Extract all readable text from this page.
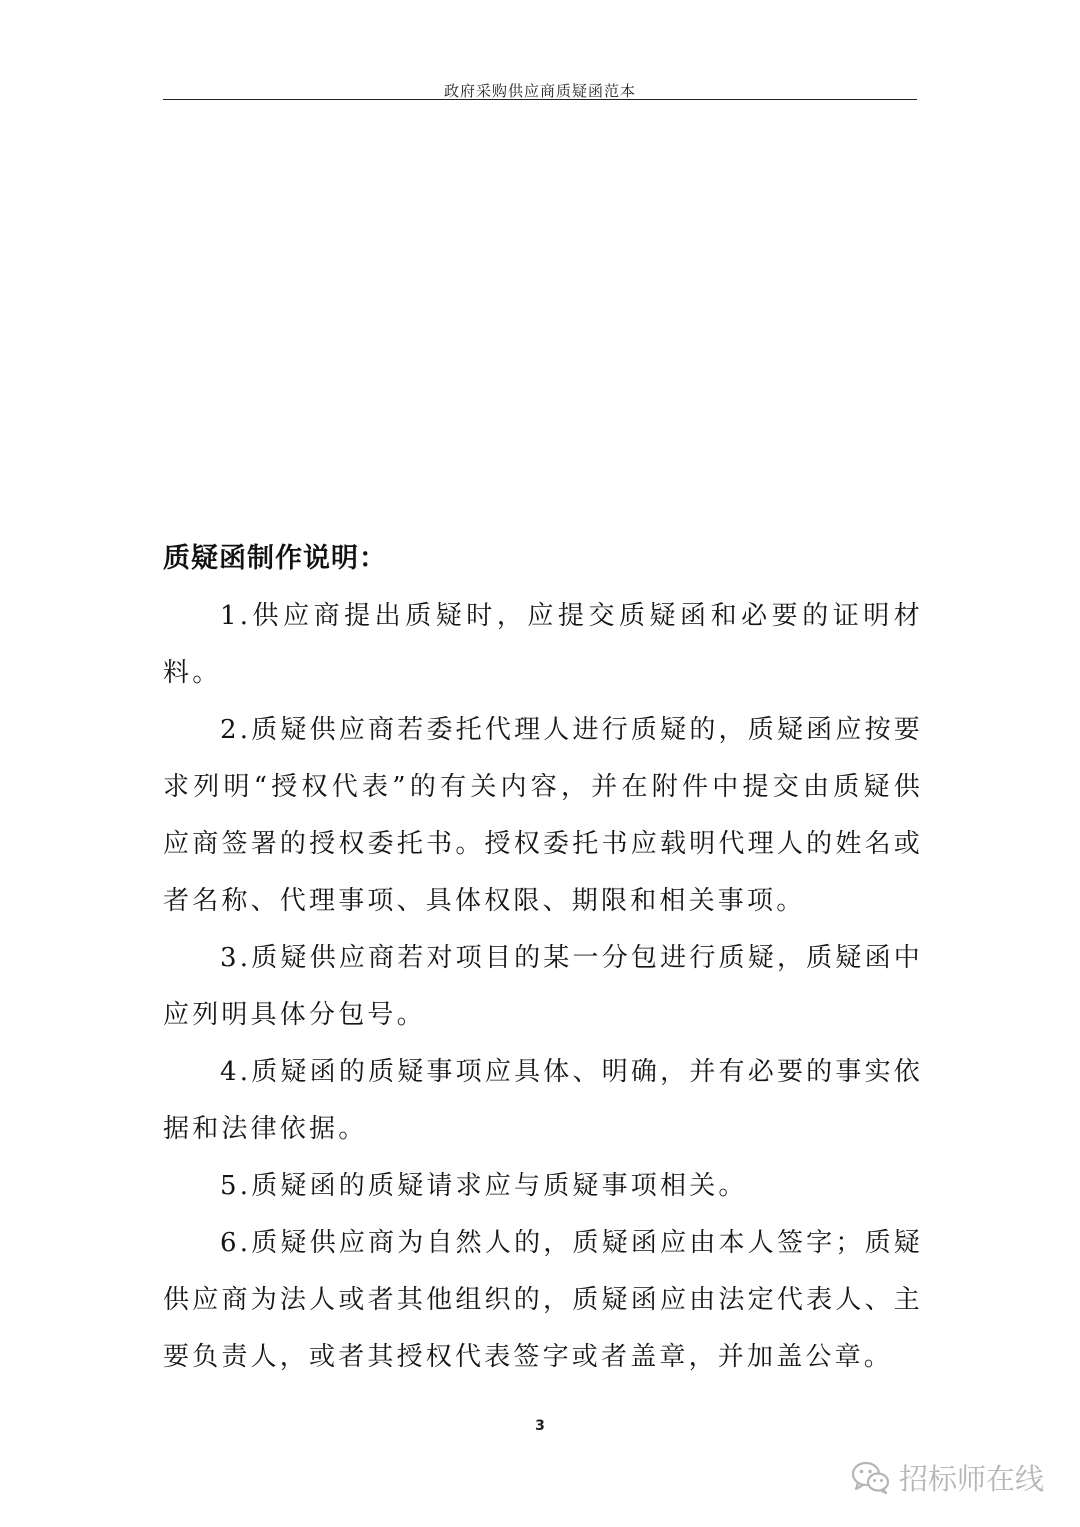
政府采购供应商质疑函范本
质疑函制作说明：

1.供应商提出质疑时，应提交质疑函和必要的证明材料。

2.质疑供应商若委托代理人进行质疑的，质疑函应按要求列明“授权代表”的有关内容，并在附件中提交由质疑供应商签署的授权委托书。授权委托书应载明代理人的姓名或者名称、代理事项、具体权限、期限和相关事项。

3.质疑供应商若对项目的某一分包进行质疑，质疑函中应列明具体分包号。

4.质疑函的质疑事项应具体、明确，并有必要的事实依据和法律依据。

5.质疑函的质疑请求应与质疑事项相关。

6.质疑供应商为自然人的，质疑函应由本人签字；质疑供应商为法人或者其他组织的，质疑函应由法定代表人、主要负责人，或者其授权代表签字或者盖章，并加盖公章。

3
招标师在线
